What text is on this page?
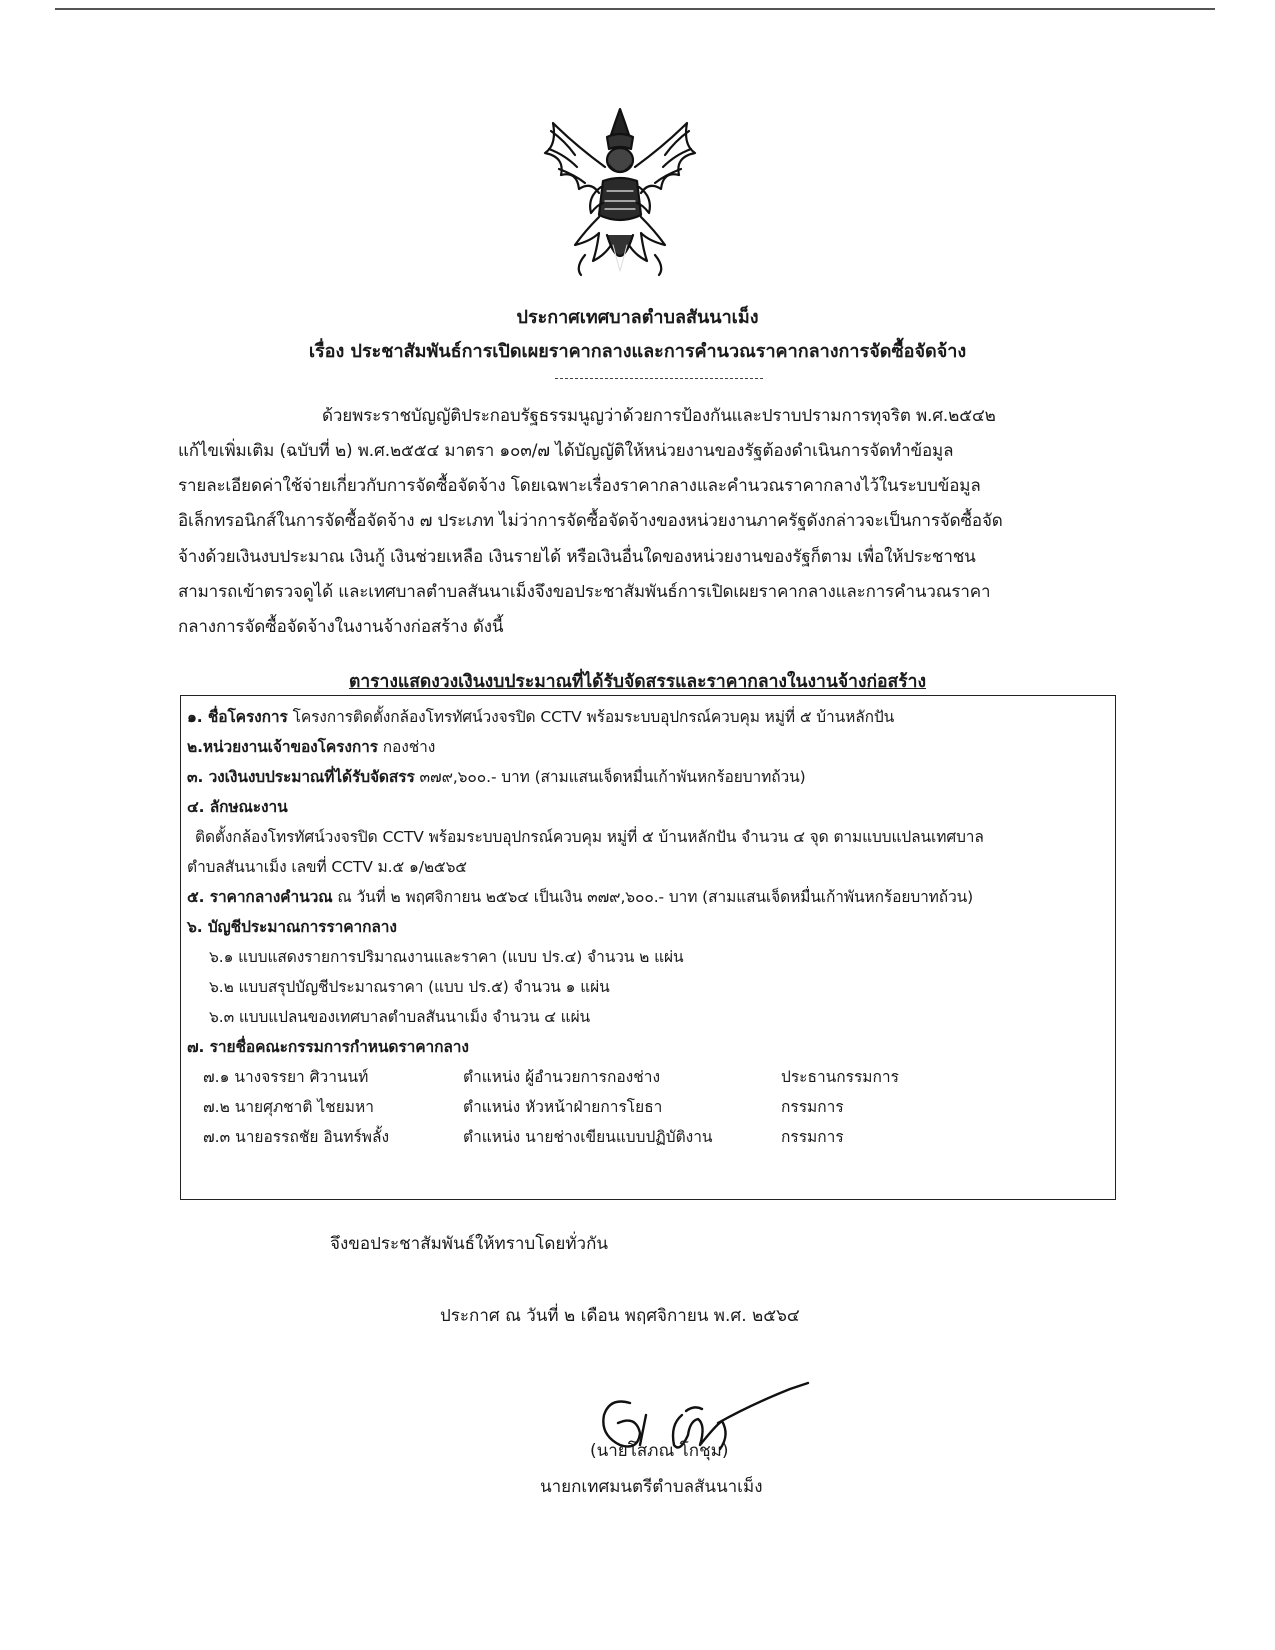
ประกาศเทศบาลตำบลสันนาเม็ง
เรื่อง ประชาสัมพันธ์การเปิดเผยราคากลางและการคำนวณราคากลางการจัดซื้อจัดจ้าง
ด้วยพระราชบัญญัติประกอบรัฐธรรมนูญว่าด้วยการป้องกันและปราบปรามการทุจริต พ.ศ.๒๕๔๒
แก้ไขเพิ่มเติม (ฉบับที่ ๒) พ.ศ.๒๕๕๔ มาตรา ๑๐๓/๗ ได้บัญญัติให้หน่วยงานของรัฐต้องดำเนินการจัดทำข้อมูล
รายละเอียดค่าใช้จ่ายเกี่ยวกับการจัดซื้อจัดจ้าง โดยเฉพาะเรื่องราคากลางและคำนวณราคากลางไว้ในระบบข้อมูล
อิเล็กทรอนิกส์ในการจัดซื้อจัดจ้าง ๗ ประเภท ไม่ว่าการจัดซื้อจัดจ้างของหน่วยงานภาครัฐดังกล่าวจะเป็นการจัดซื้อจัด
จ้างด้วยเงินงบประมาณ เงินกู้ เงินช่วยเหลือ เงินรายได้ หรือเงินอื่นใดของหน่วยงานของรัฐก็ตาม เพื่อให้ประชาชน
สามารถเข้าตรวจดูได้ และเทศบาลตำบลสันนาเม็งจึงขอประชาสัมพันธ์การเปิดเผยราคากลางและการคำนวณราคา
กลางการจัดซื้อจัดจ้างในงานจ้างก่อสร้าง ดังนี้
ตารางแสดงวงเงินงบประมาณที่ได้รับจัดสรรและราคากลางในงานจ้างก่อสร้าง
๑. ชื่อโครงการ โครงการติดตั้งกล้องโทรทัศน์วงจรปิด CCTV พร้อมระบบอุปกรณ์ควบคุม หมู่ที่ ๕ บ้านหลักปัน
๒.หน่วยงานเจ้าของโครงการ กองช่าง
๓. วงเงินงบประมาณที่ได้รับจัดสรร ๓๗๙,๖๐๐.- บาท (สามแสนเจ็ดหมื่นเก้าพันหกร้อยบาทถ้วน)
๔. ลักษณะงาน
ติดตั้งกล้องโทรทัศน์วงจรปิด CCTV พร้อมระบบอุปกรณ์ควบคุม หมู่ที่ ๕ บ้านหลักปัน จำนวน ๔ จุด ตามแบบแปลนเทศบาล
ตำบลสันนาเม็ง เลขที่ CCTV ม.๕ ๑/๒๕๖๕
๕. ราคากลางคำนวณ ณ วันที่ ๒ พฤศจิกายน ๒๕๖๔ เป็นเงิน ๓๗๙,๖๐๐.- บาท (สามแสนเจ็ดหมื่นเก้าพันหกร้อยบาทถ้วน)
๖. บัญชีประมาณการราคากลาง
๖.๑ แบบแสดงรายการปริมาณงานและราคา (แบบ ปร.๔) จำนวน ๒ แผ่น
๖.๒ แบบสรุปบัญชีประมาณราคา (แบบ ปร.๕) จำนวน ๑ แผ่น
๖.๓ แบบแปลนของเทศบาลตำบลสันนาเม็ง จำนวน ๔ แผ่น
๗. รายชื่อคณะกรรมการกำหนดราคากลาง
๗.๑ นางจรรยา ศิวานนท์	ตำแหน่ง ผู้อำนวยการกองช่าง	ประธานกรรมการ
๗.๒ นายศุภชาติ ไชยมหา	ตำแหน่ง หัวหน้าฝ่ายการโยธา	กรรมการ
๗.๓ นายอรรถชัย อินทร์พลั้ง	ตำแหน่ง นายช่างเขียนแบบปฏิบัติงาน	กรรมการ
จึงขอประชาสัมพันธ์ให้ทราบโดยทั่วกัน
ประกาศ ณ วันที่ ๒ เดือน พฤศจิกายน พ.ศ. ๒๕๖๔
(นายโสภณ โกชุม)
นายกเทศมนตรีตำบลสันนาเม็ง
